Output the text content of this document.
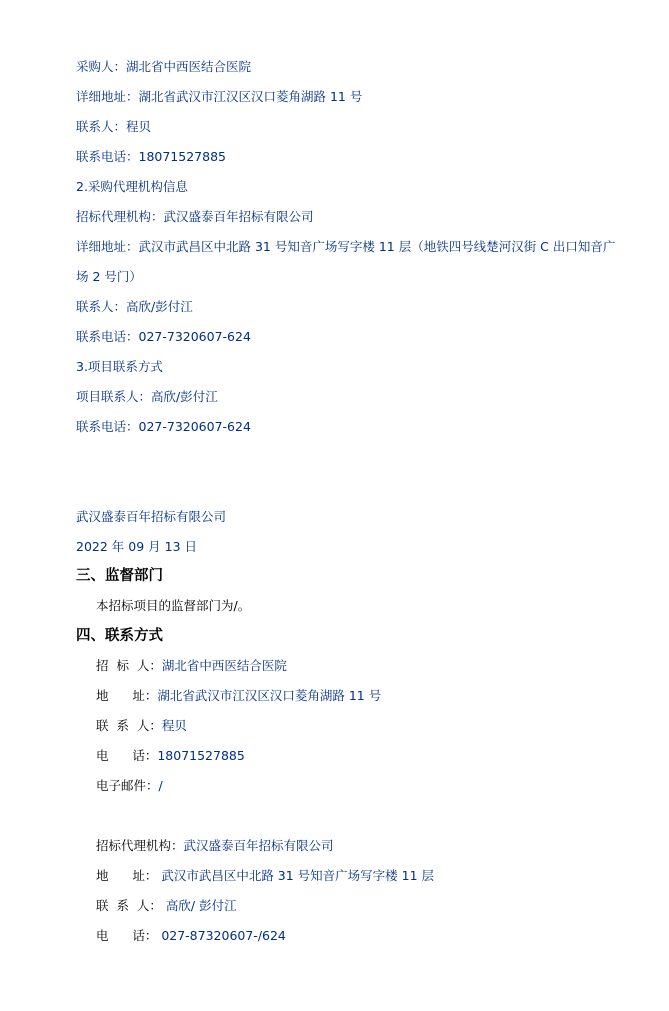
采购人：湖北省中西医结合医院
详细地址：湖北省武汉市江汉区汉口菱角湖路 11 号
联系人：程贝
联系电话：18071527885
2.采购代理机构信息
招标代理机构：武汉盛泰百年招标有限公司
详细地址：武汉市武昌区中北路 31 号知音广场写字楼 11 层（地铁四号线楚河汉街 C 出口知音广场 2 号门）
联系人：高欣/彭付江
联系电话：027-7320607-624
3.项目联系方式
项目联系人：高欣/彭付江
联系电话：027-7320607-624
武汉盛泰百年招标有限公司
2022 年 09 月 13 日
三、监督部门
本招标项目的监督部门为/。
四、联系方式
招  标  人：湖北省中西医结合医院
地      址：湖北省武汉市江汉区汉口菱角湖路 11 号
联  系  人：程贝
电      话：18071527885
电子邮件：/
招标代理机构：武汉盛泰百年招标有限公司
地      址： 武汉市武昌区中北路 31 号知音广场写字楼 11 层
联  系  人： 高欣/ 彭付江
电      话： 027-87320607-/624
